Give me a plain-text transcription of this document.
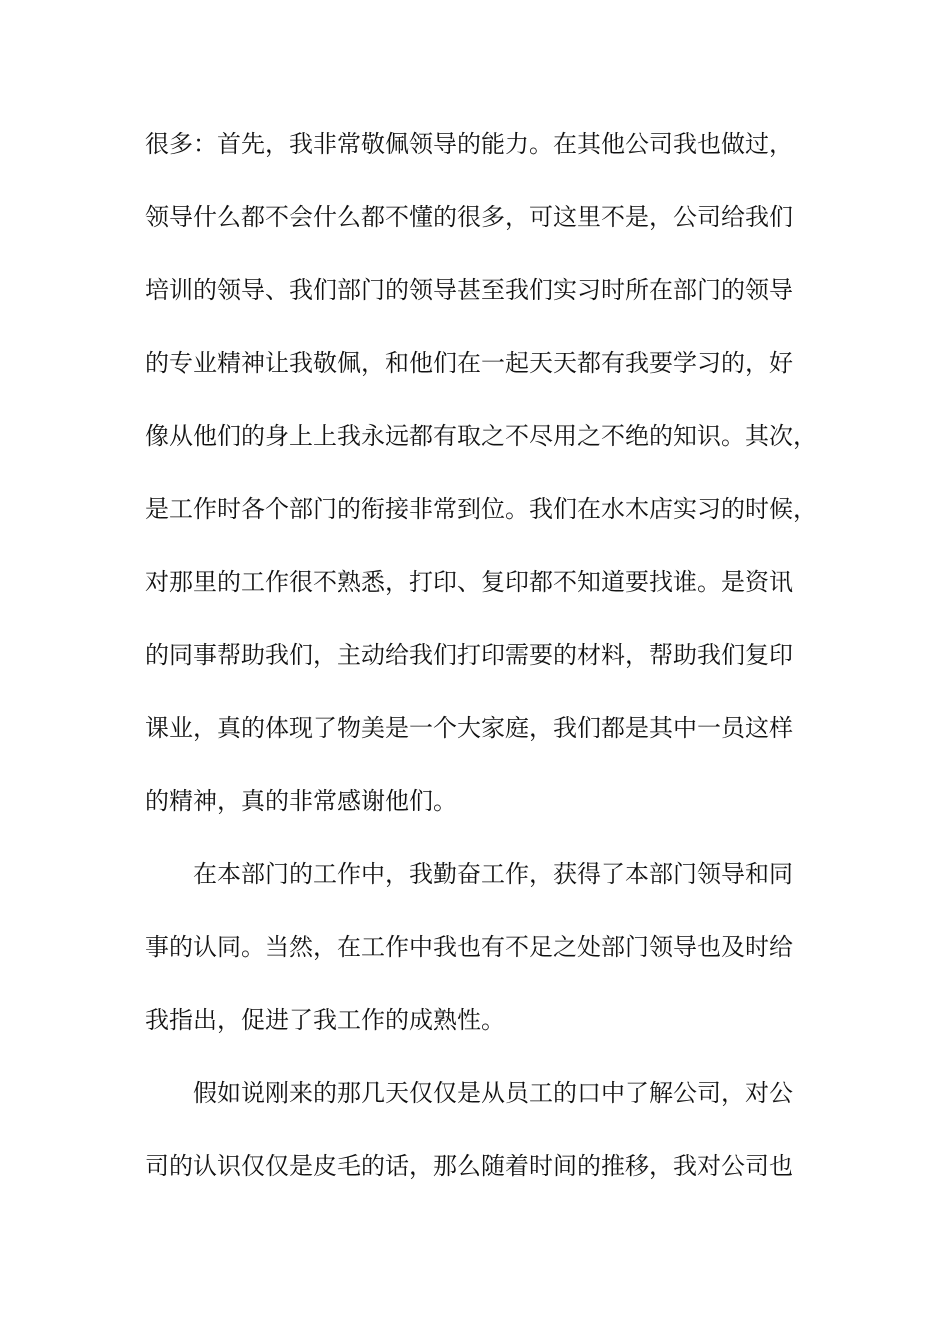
很多：首先，我非常敬佩领导的能力。在其他公司我也做过，
领导什么都不会什么都不懂的很多，可这里不是，公司给我们
培训的领导、我们部门的领导甚至我们实习时所在部门的领导
的专业精神让我敬佩，和他们在一起天天都有我要学习的，好
像从他们的身上上我永远都有取之不尽用之不绝的知识。其次，
是工作时各个部门的衔接非常到位。我们在水木店实习的时候，
对那里的工作很不熟悉，打印、复印都不知道要找谁。是资讯
的同事帮助我们，主动给我们打印需要的材料，帮助我们复印
课业，真的体现了物美是一个大家庭，我们都是其中一员这样
的精神，真的非常感谢他们。
在本部门的工作中，我勤奋工作，获得了本部门领导和同
事的认同。当然，在工作中我也有不足之处部门领导也及时给
我指出，促进了我工作的成熟性。
假如说刚来的那几天仅仅是从员工的口中了解公司，对公
司的认识仅仅是皮毛的话，那么随着时间的推移，我对公司也
